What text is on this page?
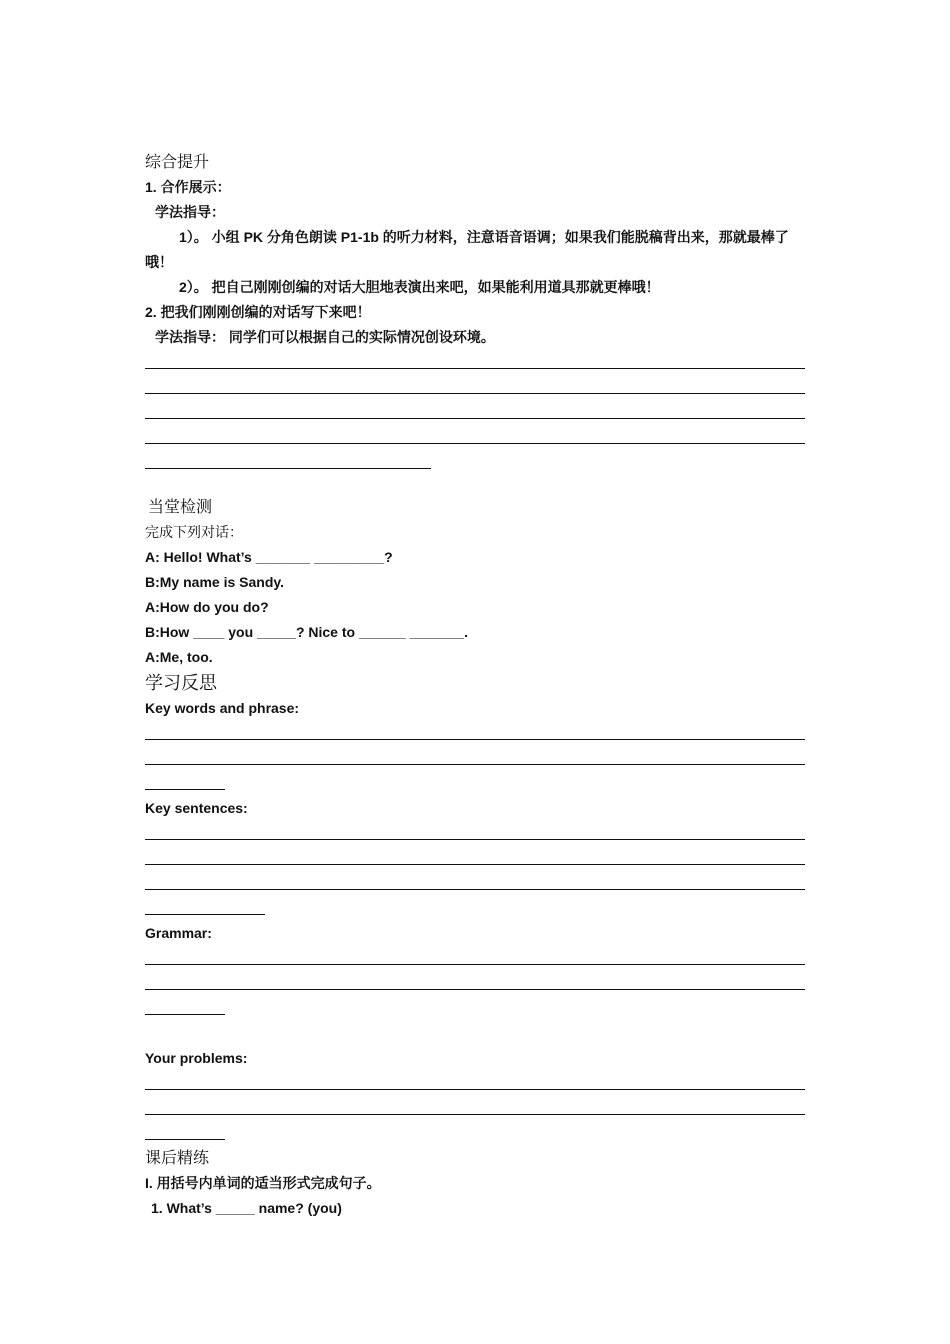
综合提升
1. 合作展示：
学法指导：
1）。 小组 PK 分角色朗读 P1-1b 的听力材料，注意语音语调；如果我们能脱稿背出来，那就最棒了哦！
2）。 把自己刚刚创编的对话大胆地表演出来吧，如果能利用道具那就更棒哦！
2. 把我们刚刚创编的对话写下来吧！
学法指导： 同学们可以根据自己的实际情况创设环境。
当堂检测
完成下列对话：
A: Hello! What’s _______ _________?
B:My name is Sandy.
A:How do you do?
B:How ____ you _____? Nice to ______ _______.
A:Me, too.
学习反思
Key words and phrase:
Key sentences:
Grammar:
Your problems:
课后精练
I. 用括号内单词的适当形式完成句子。
1. What’s _____ name? (you)
